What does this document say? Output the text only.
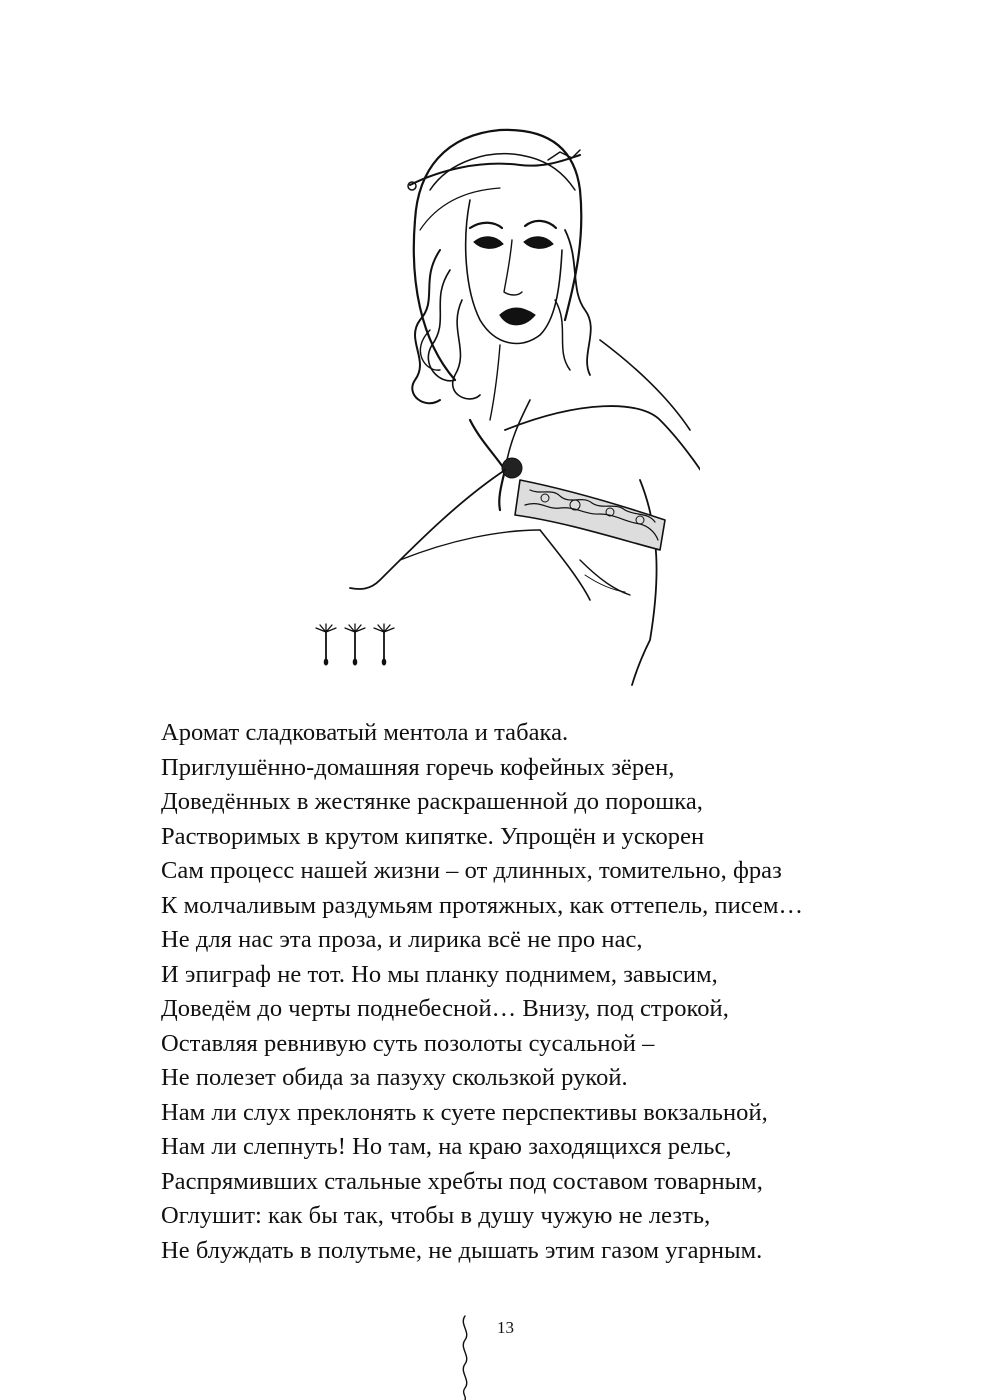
Аромат сладковатый ментола и табака.
Приглушённо-домашняя горечь кофейных зёрен,
Доведённых в жестянке раскрашенной до порошка,
Растворимых в крутом кипятке. Упрощён и ускорен
Сам процесс нашей жизни – от длинных, томительно, фраз
К молчаливым раздумьям протяжных, как оттепель, писем…
Не для нас эта проза, и лирика всё не про нас,
И эпиграф не тот. Но мы планку поднимем, завысим,
Доведём до черты поднебесной… Внизу, под строкой,
Оставляя ревнивую суть позолоты сусальной –
Не полезет обида за пазуху скользкой рукой.
Нам ли слух преклонять к суете перспективы вокзальной,
Нам ли слепнуть! Но там, на краю заходящихся рельс,
Распрямивших стальные хребты под составом товарным,
Оглушит: как бы так, чтобы в душу чужую не лезть,
Не блуждать в полутьме, не дышать этим газом угарным.
13
